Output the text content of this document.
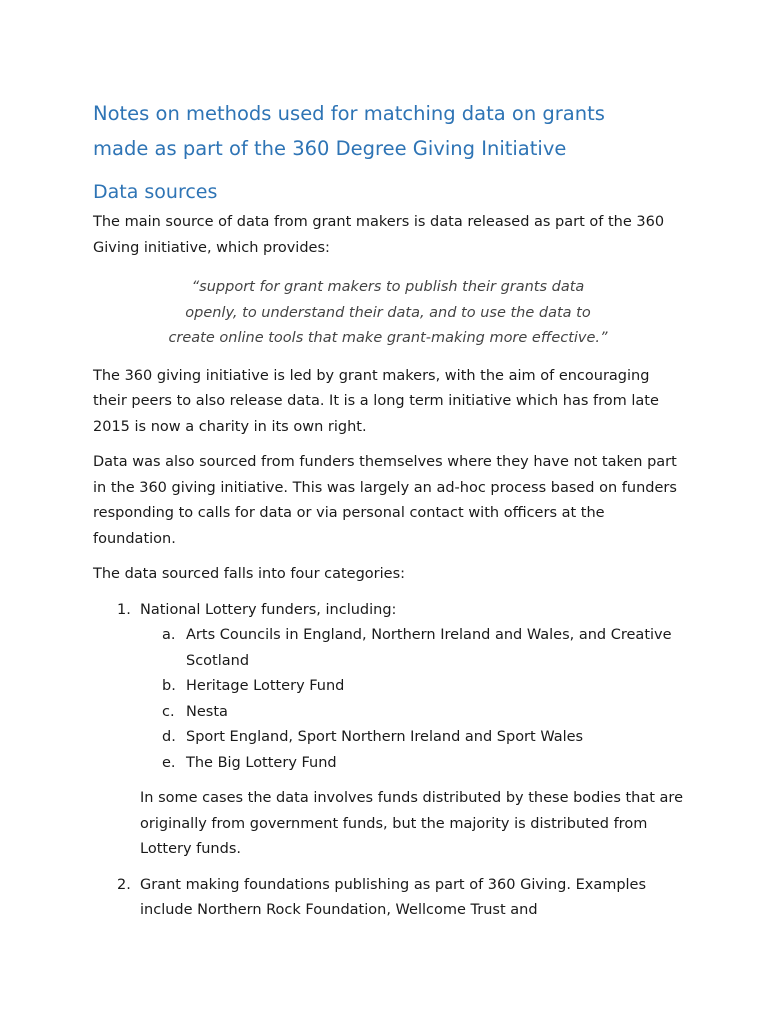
Notes on methods used for matching data on grants
made as part of the 360 Degree Giving Initiative
Data sources

The main source of data from grant makers is data released as part of the 360 Giving initiative, which provides:

“support for grant makers to publish their grants data
openly, to understand their data, and to use the data to
create online tools that make grant-making more effective.”

The 360 giving initiative is led by grant makers, with the aim of encouraging their peers to also release data. It is a long term initiative which has from late 2015 is now a charity in its own right.

Data was also sourced from funders themselves where they have not taken part in the 360 giving initiative. This was largely an ad-hoc process based on funders responding to calls for data or via personal contact with officers at the foundation.

The data sourced falls into four categories:

1. National Lottery funders, including:
a. Arts Councils in England, Northern Ireland and Wales, and Creative Scotland
b. Heritage Lottery Fund
c. Nesta
d. Sport England, Sport Northern Ireland and Sport Wales
e. The Big Lottery Fund

In some cases the data involves funds distributed by these bodies that are originally from government funds, but the majority is distributed from Lottery funds.

2. Grant making foundations publishing as part of 360 Giving. Examples include Northern Rock Foundation, Wellcome Trust and
